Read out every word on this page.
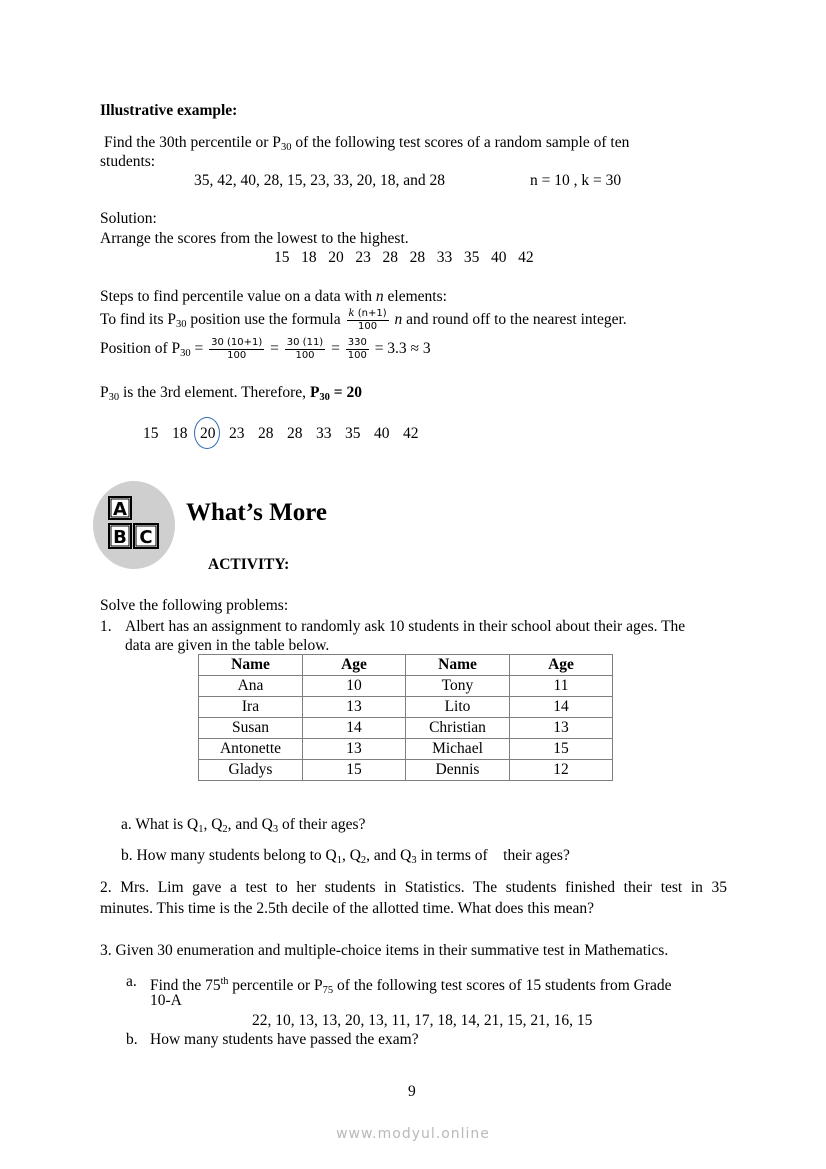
Illustrative example:
Find the 30th percentile or $P_{30}$ of the following test scores of a random sample of ten
students:
35, 42, 40, 28, 15, 23, 33, 20, 18, and 28	n = 10 , k = 30
Solution:
Arrange the scores from the lowest to the highest.
15   18   20   23   28   28   33   35   40   42
Steps to find percentile value on a data with n elements:
To find its $P_{30}$ position use the formula $\frac{k (n+1)}{100}$ n and round off to the nearest integer.
Position of $P_{30} = \frac{30 (10+1)}{100} = \frac{30 (11)}{100} = \frac{330}{100} = 3.3 \approx 3$
$P_{30}$ is the 3rd element. Therefore, $P_{30} = 20$
15 18 20 23 28 28 33 35 40 42
A
B C
What’s More
ACTIVITY:
Solve the following problems:
1. Albert has an assignment to randomly ask 10 students in their school about their ages. The
data are given in the table below.
Name	Age	Name	Age
Ana	10	Tony	11
Ira	13	Lito	14
Susan	14	Christian	13
Antonette	13	Michael	15
Gladys	15	Dennis	12
a. What is $Q_1$, $Q_2$, and $Q_3$ of their ages?
b. How many students belong to $Q_1$, $Q_2$, and $Q_3$ in terms of    their ages?
2. Mrs. Lim gave a test to her students in Statistics. The students finished their test in 35
minutes. This time is the 2.5th decile of the allotted time. What does this mean?
3. Given 30 enumeration and multiple-choice items in their summative test in Mathematics.
a. Find the 75th percentile or $P_{75}$ of the following test scores of 15 students from Grade
10-A
22, 10, 13, 13, 20, 13, 11, 17, 18, 14, 21, 15, 21, 16, 15
b. How many students have passed the exam?
9
www.modyul.online
